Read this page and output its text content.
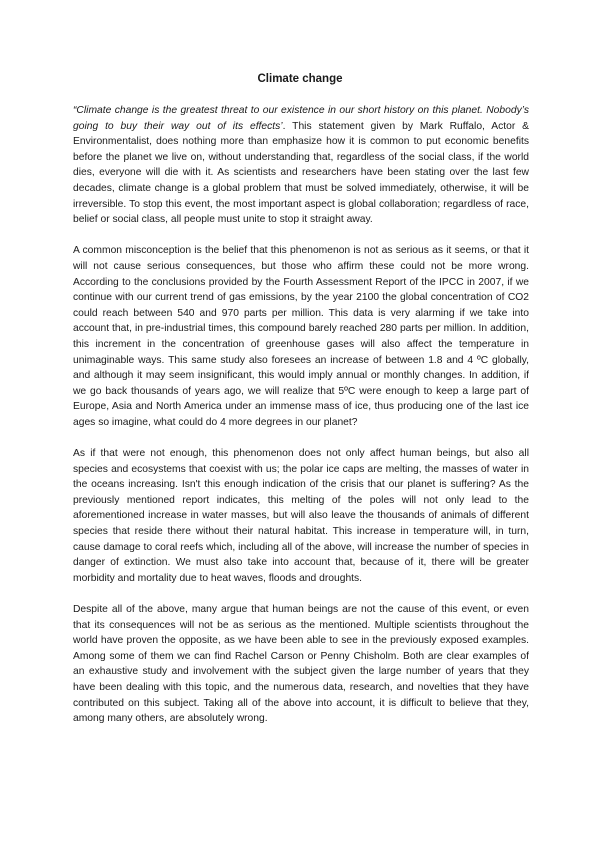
Climate change

“Climate change is the greatest threat to our existence in our short history on this planet. Nobody’s going to buy their way out of its effects’. This statement given by Mark Ruffalo, Actor & Environmentalist, does nothing more than emphasize how it is common to put economic benefits before the planet we live on, without understanding that, regardless of the social class, if the world dies, everyone will die with it. As scientists and researchers have been stating over the last few decades, climate change is a global problem that must be solved immediately, otherwise, it will be irreversible. To stop this event, the most important aspect is global collaboration; regardless of race, belief or social class, all people must unite to stop it straight away.

A common misconception is the belief that this phenomenon is not as serious as it seems, or that it will not cause serious consequences, but those who affirm these could not be more wrong. According to the conclusions provided by the Fourth Assessment Report of the IPCC in 2007, if we continue with our current trend of gas emissions, by the year 2100 the global concentration of CO2 could reach between 540 and 970 parts per million. This data is very alarming if we take into account that, in pre-industrial times, this compound barely reached 280 parts per million. In addition, this increment in the concentration of greenhouse gases will also affect the temperature in unimaginable ways. This same study also foresees an increase of between 1.8 and 4 ºC globally, and although it may seem insignificant, this would imply annual or monthly changes. In addition, if we go back thousands of years ago, we will realize that 5ºC were enough to keep a large part of Europe, Asia and North America under an immense mass of ice, thus producing one of the last ice ages so imagine, what could do 4 more degrees in our planet?

As if that were not enough, this phenomenon does not only affect human beings, but also all species and ecosystems that coexist with us; the polar ice caps are melting, the masses of water in the oceans increasing. Isn't this enough indication of the crisis that our planet is suffering? As the previously mentioned report indicates, this melting of the poles will not only lead to the aforementioned increase in water masses, but will also leave the thousands of animals of different species that reside there without their natural habitat. This increase in temperature will, in turn, cause damage to coral reefs which, including all of the above, will increase the number of species in danger of extinction. We must also take into account that, because of it, there will be greater morbidity and mortality due to heat waves, floods and droughts.

Despite all of the above, many argue that human beings are not the cause of this event, or even that its consequences will not be as serious as the mentioned. Multiple scientists throughout the world have proven the opposite, as we have been able to see in the previously exposed examples. Among some of them we can find Rachel Carson or Penny Chisholm. Both are clear examples of an exhaustive study and involvement with the subject given the large number of years that they have been dealing with this topic, and the numerous data, research, and novelties that they have contributed on this subject. Taking all of the above into account, it is difficult to believe that they, among many others, are absolutely wrong.
